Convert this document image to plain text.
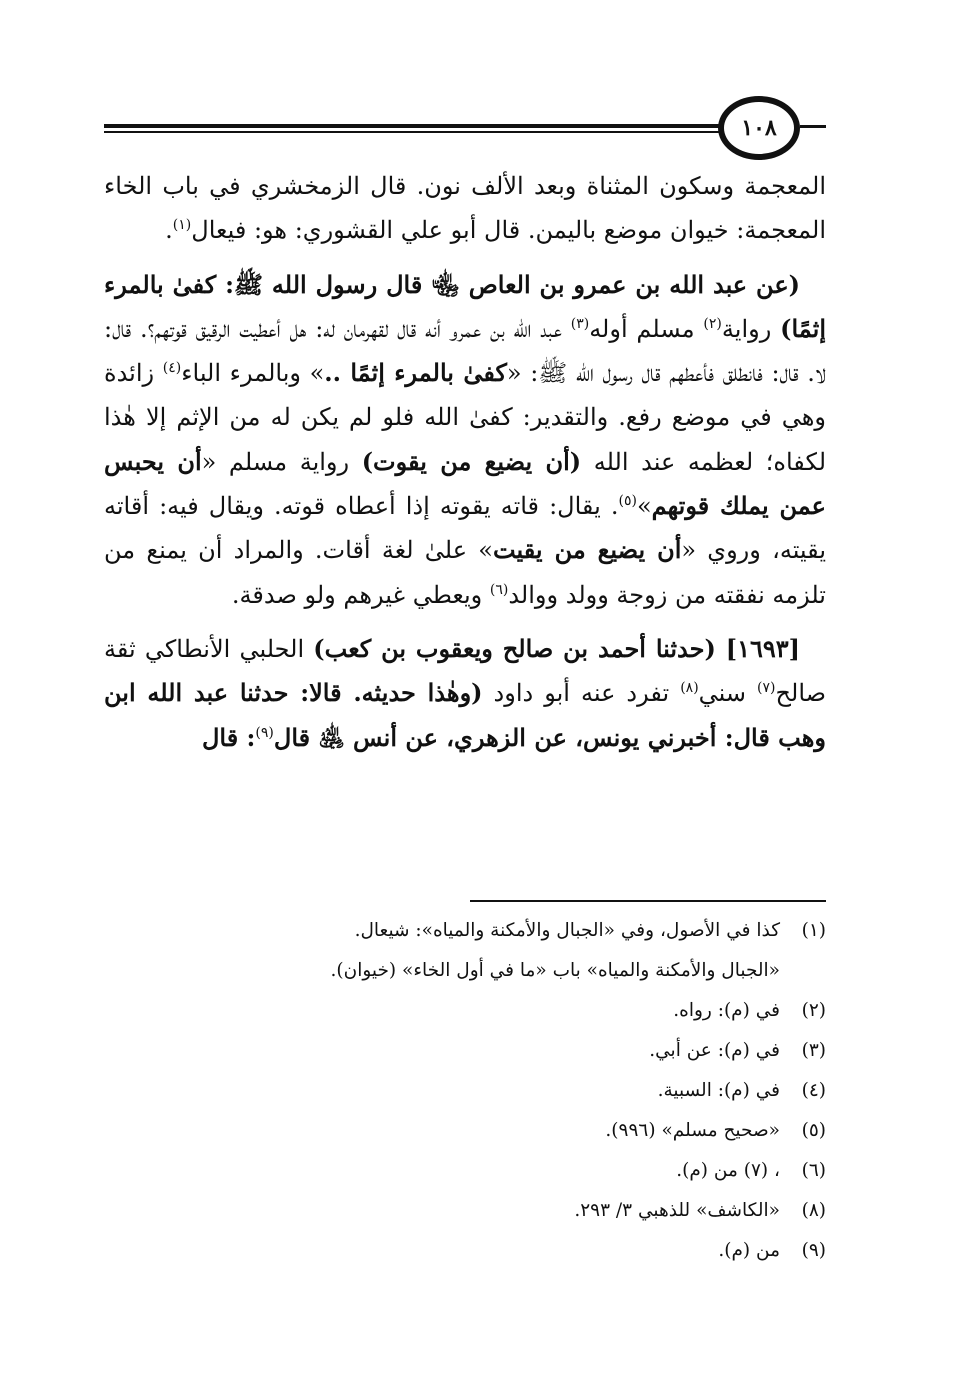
١٠٨

المعجمة وسكون المثناة وبعد الألف نون. قال الزمخشري في باب الخاء المعجمة: خيوان موضع باليمن. قال أبو علي القشوري: هو: فيعال$^{(١)}$.

(عن عبد الله بن عمرو بن العاص ﵄ قال رسول الله ﷺ: كفىٰ بالمرء إثمًا) رواية$^{(٢)}$ مسلم أوله$^{(٣)}$ عبد الله بن عمرو أنه قال لقهرمان له: هل أعطيت الرقيق قوتهم؟. قال: لا. قال: فانطلق فأعطهم قال رسول الله ﷺ: «كفىٰ بالمرء إثمًا ..» وبالمرء الباء$^{(٤)}$ زائدة وهي في موضع رفع. والتقدير: كفىٰ الله فلو لم يكن له من الإثم إلا هٰذا لكفاه؛ لعظمه عند الله (أن يضيع من يقوت) رواية مسلم «أن يحبس عمن يملك قوتهم»$^{(٥)}$. يقال: قاته يقوته إذا أعطاه قوته. ويقال فيه: أقاته يقيته، وروي «أن يضيع من يقيت» علىٰ لغة أقات. والمراد أن يمنع من تلزمه نفقته من زوجة وولد ووالد$^{(٦)}$ ويعطي غيرهم ولو صدقة.

[١٦٩٣] (حدثنا أحمد بن صالح ويعقوب بن كعب) الحلبي الأنطاكي ثقة صالح$^{(٧)}$ سني$^{(٨)}$ تفرد عنه أبو داود (وهٰذا حديثه. قالا: حدثنا عبد الله ابن وهب قال: أخبرني يونس، عن الزهري، عن أنس ﵁ قال$^{(٩)}$: قال

(١)
كذا في الأصول، وفي «الجبال والأمكنة والمياه»: شيعال.
«الجبال والأمكنة والمياه» باب «ما في أول الخاء» (خيوان).
(٢)
في (م): رواه.
(٣)
في (م): عن أبي.
(٤)
في (م): السبية.
(٥)
«صحيح مسلم» (٩٩٦).
(٦)
، (٧) من (م).
(٨)
«الكاشف» للذهبي ٣/ ٢٩٣.
(٩)
من (م).
